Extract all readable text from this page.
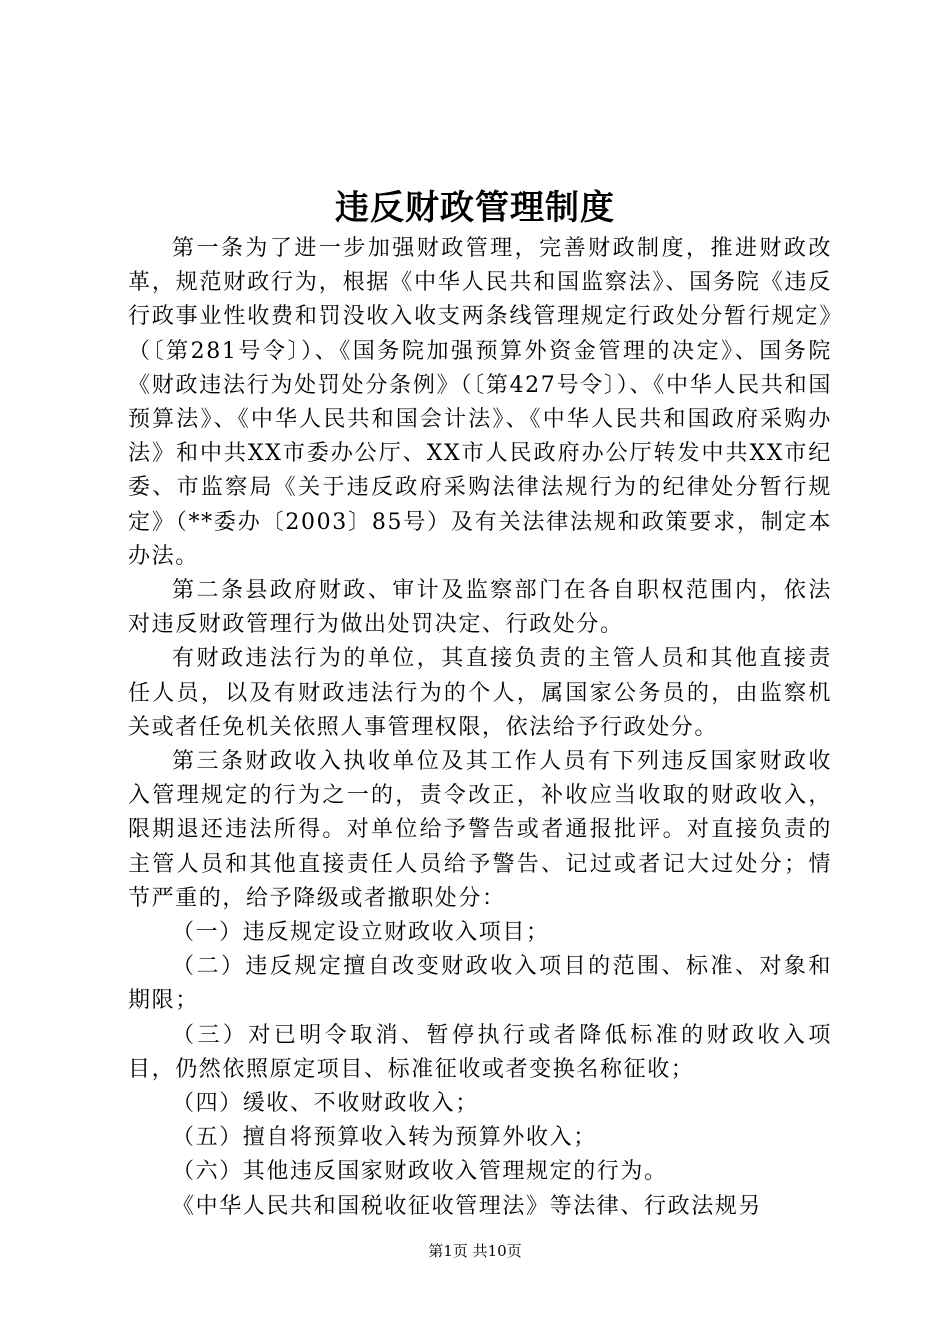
违反财政管理制度

第一条为了进一步加强财政管理，完善财政制度，推进财政改革，规范财政行为，根据《中华人民共和国监察法》、国务院《违反行政事业性收费和罚没收入收支两条线管理规定行政处分暂行规定》（〔第281号令〕）、《国务院加强预算外资金管理的决定》、国务院《财政违法行为处罚处分条例》（〔第427号令〕）、《中华人民共和国预算法》、《中华人民共和国会计法》、《中华人民共和国政府采购办法》和中共XX市委办公厅、XX市人民政府办公厅转发中共XX市纪委、市监察局《关于违反政府采购法律法规行为的纪律处分暂行规定》（**委办〔2003〕85号）及有关法律法规和政策要求，制定本办法。

第二条县政府财政、审计及监察部门在各自职权范围内，依法对违反财政管理行为做出处罚决定、行政处分。

有财政违法行为的单位，其直接负责的主管人员和其他直接责任人员，以及有财政违法行为的个人，属国家公务员的，由监察机关或者任免机关依照人事管理权限，依法给予行政处分。

第三条财政收入执收单位及其工作人员有下列违反国家财政收入管理规定的行为之一的，责令改正，补收应当收取的财政收入，限期退还违法所得。对单位给予警告或者通报批评。对直接负责的主管人员和其他直接责任人员给予警告、记过或者记大过处分；情节严重的，给予降级或者撤职处分：

（一）违反规定设立财政收入项目；

（二）违反规定擅自改变财政收入项目的范围、标准、对象和期限；

（三）对已明令取消、暂停执行或者降低标准的财政收入项目，仍然依照原定项目、标准征收或者变换名称征收；

（四）缓收、不收财政收入；

（五）擅自将预算收入转为预算外收入；

（六）其他违反国家财政收入管理规定的行为。

《中华人民共和国税收征收管理法》等法律、行政法规另

第1页 共10页
